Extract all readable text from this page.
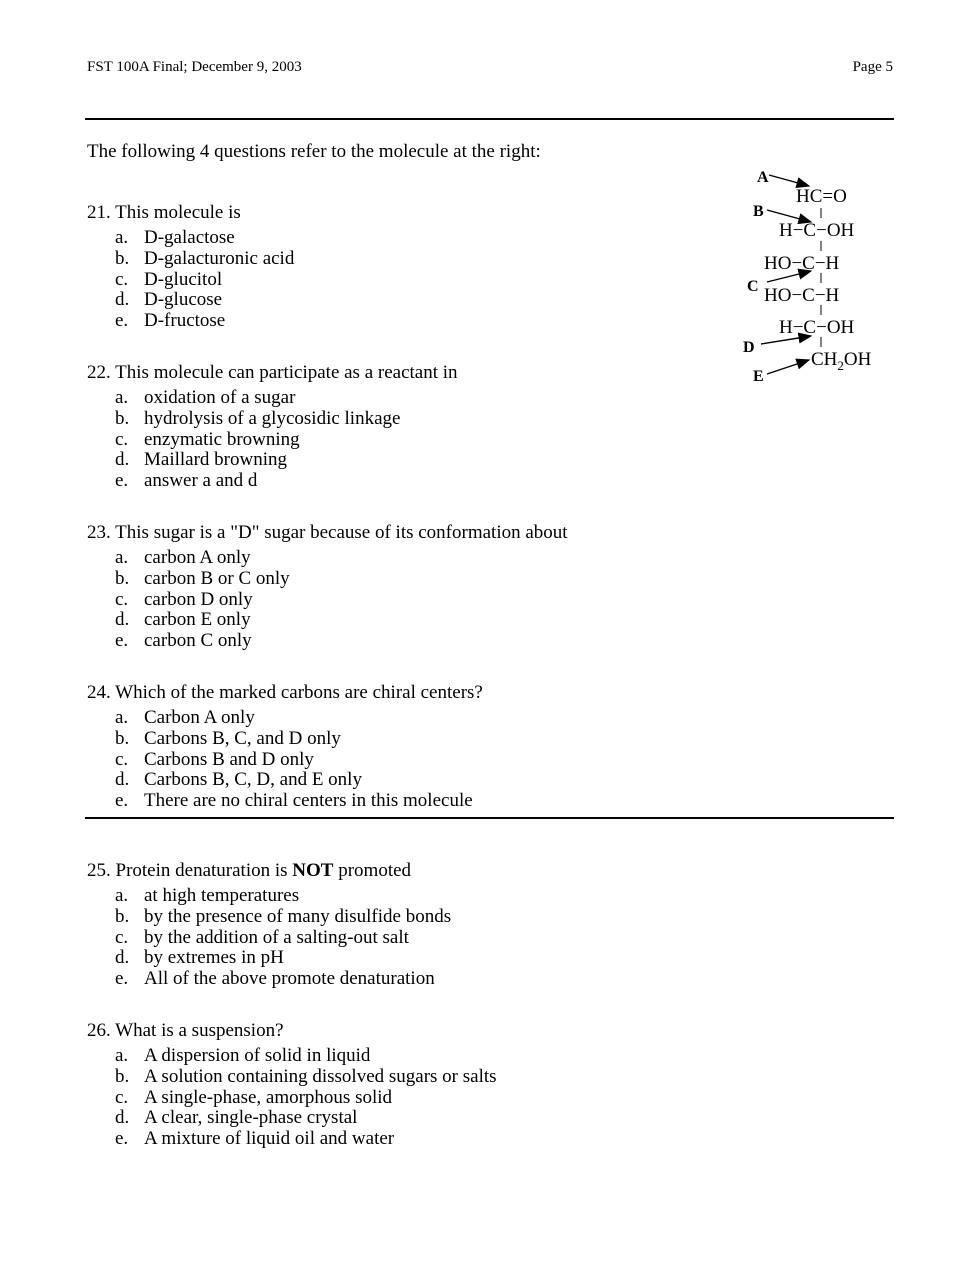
FST 100A Final; December 9, 2003	Page 5
The following 4 questions refer to the molecule at the right:
HC=O
H−C−OH
HO−C−H
HO−C−H
H−C−OH
$CH_2OH$
A
B
C
D
E
21. This molecule is
a. D-galactose
b. D-galacturonic acid
c. D-glucitol
d. D-glucose
e. D-fructose
22. This molecule can participate as a reactant in
a. oxidation of a sugar
b. hydrolysis of a glycosidic linkage
c. enzymatic browning
d. Maillard browning
e. answer a and d
23. This sugar is a "D" sugar because of its conformation about
a. carbon A only
b. carbon B or C only
c. carbon D only
d. carbon E only
e. carbon C only
24. Which of the marked carbons are chiral centers?
a. Carbon A only
b. Carbons B, C, and D only
c. Carbons B and D only
d. Carbons B, C, D, and E only
e. There are no chiral centers in this molecule
25. Protein denaturation is NOT promoted
a. at high temperatures
b. by the presence of many disulfide bonds
c. by the addition of a salting-out salt
d. by extremes in pH
e. All of the above promote denaturation
26. What is a suspension?
a. A dispersion of solid in liquid
b. A solution containing dissolved sugars or salts
c. A single-phase, amorphous solid
d. A clear, single-phase crystal
e. A mixture of liquid oil and water
